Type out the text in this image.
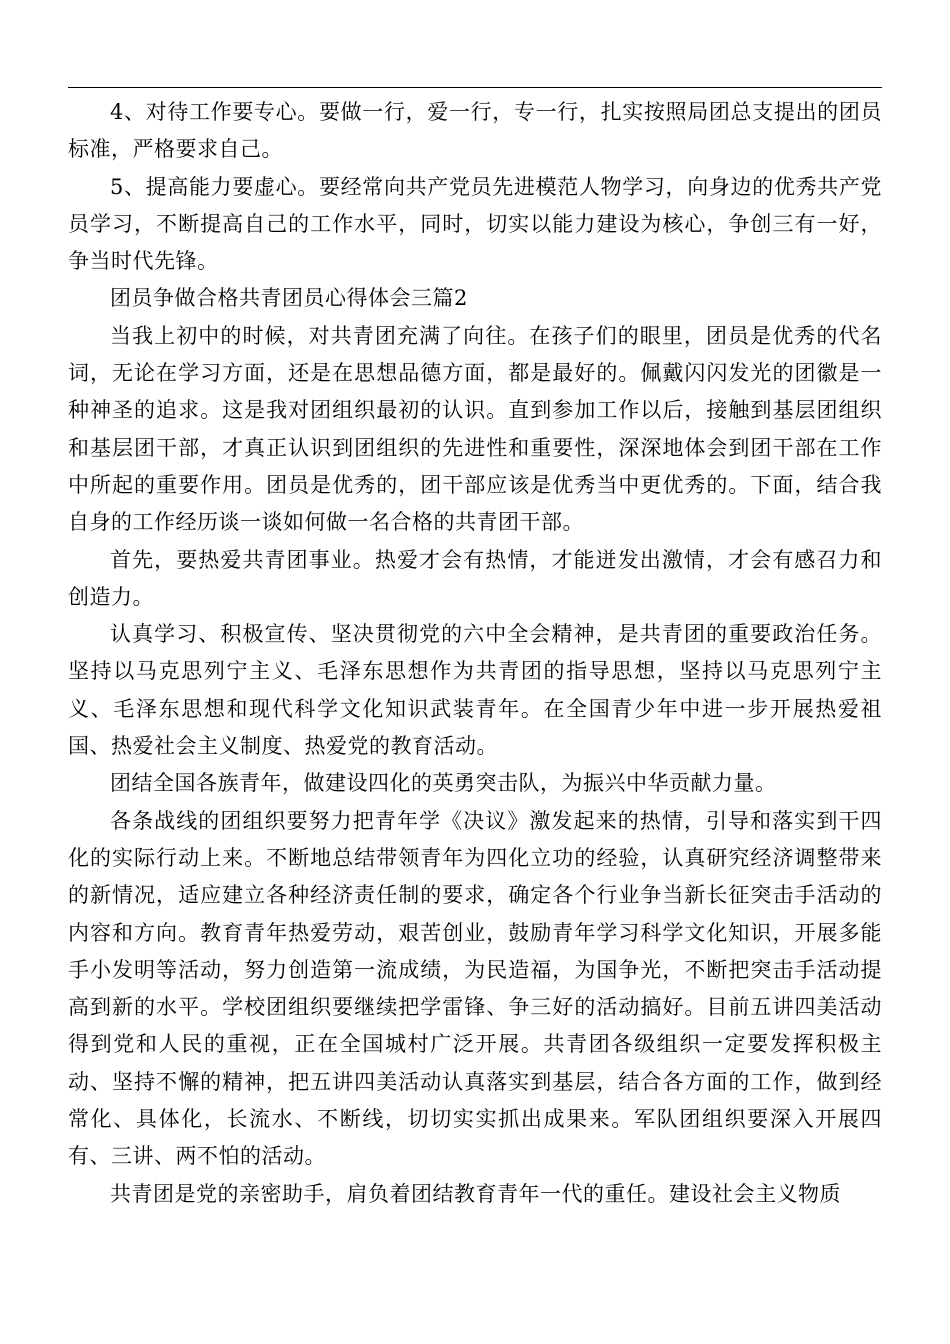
4、对待工作要专心。要做一行，爱一行，专一行，扎实按照局团总支提出的团员标准，严格要求自己。

5、提高能力要虚心。要经常向共产党员先进模范人物学习，向身边的优秀共产党员学习，不断提高自己的工作水平，同时，切实以能力建设为核心，争创三有一好，争当时代先锋。

团员争做合格共青团员心得体会三篇2

当我上初中的时候，对共青团充满了向往。在孩子们的眼里，团员是优秀的代名词，无论在学习方面，还是在思想品德方面，都是最好的。佩戴闪闪发光的团徽是一种神圣的追求。这是我对团组织最初的认识。直到参加工作以后，接触到基层团组织和基层团干部，才真正认识到团组织的先进性和重要性，深深地体会到团干部在工作中所起的重要作用。团员是优秀的，团干部应该是优秀当中更优秀的。下面，结合我自身的工作经历谈一谈如何做一名合格的共青团干部。

首先，要热爱共青团事业。热爱才会有热情，才能迸发出激情，才会有感召力和创造力。

认真学习、积极宣传、坚决贯彻党的六中全会精神，是共青团的重要政治任务。坚持以马克思列宁主义、毛泽东思想作为共青团的指导思想，坚持以马克思列宁主义、毛泽东思想和现代科学文化知识武装青年。在全国青少年中进一步开展热爱祖国、热爱社会主义制度、热爱党的教育活动。

团结全国各族青年，做建设四化的英勇突击队，为振兴中华贡献力量。

各条战线的团组织要努力把青年学《决议》激发起来的热情，引导和落实到干四化的实际行动上来。不断地总结带领青年为四化立功的经验，认真研究经济调整带来的新情况，适应建立各种经济责任制的要求，确定各个行业争当新长征突击手活动的内容和方向。教育青年热爱劳动，艰苦创业，鼓励青年学习科学文化知识，开展多能手小发明等活动，努力创造第一流成绩，为民造福，为国争光，不断把突击手活动提高到新的水平。学校团组织要继续把学雷锋、争三好的活动搞好。目前五讲四美活动得到党和人民的重视，正在全国城村广泛开展。共青团各级组织一定要发挥积极主动、坚持不懈的精神，把五讲四美活动认真落实到基层，结合各方面的工作，做到经常化、具体化，长流水、不断线，切切实实抓出成果来。军队团组织要深入开展四有、三讲、两不怕的活动。

共青团是党的亲密助手，肩负着团结教育青年一代的重任。建设社会主义物质
